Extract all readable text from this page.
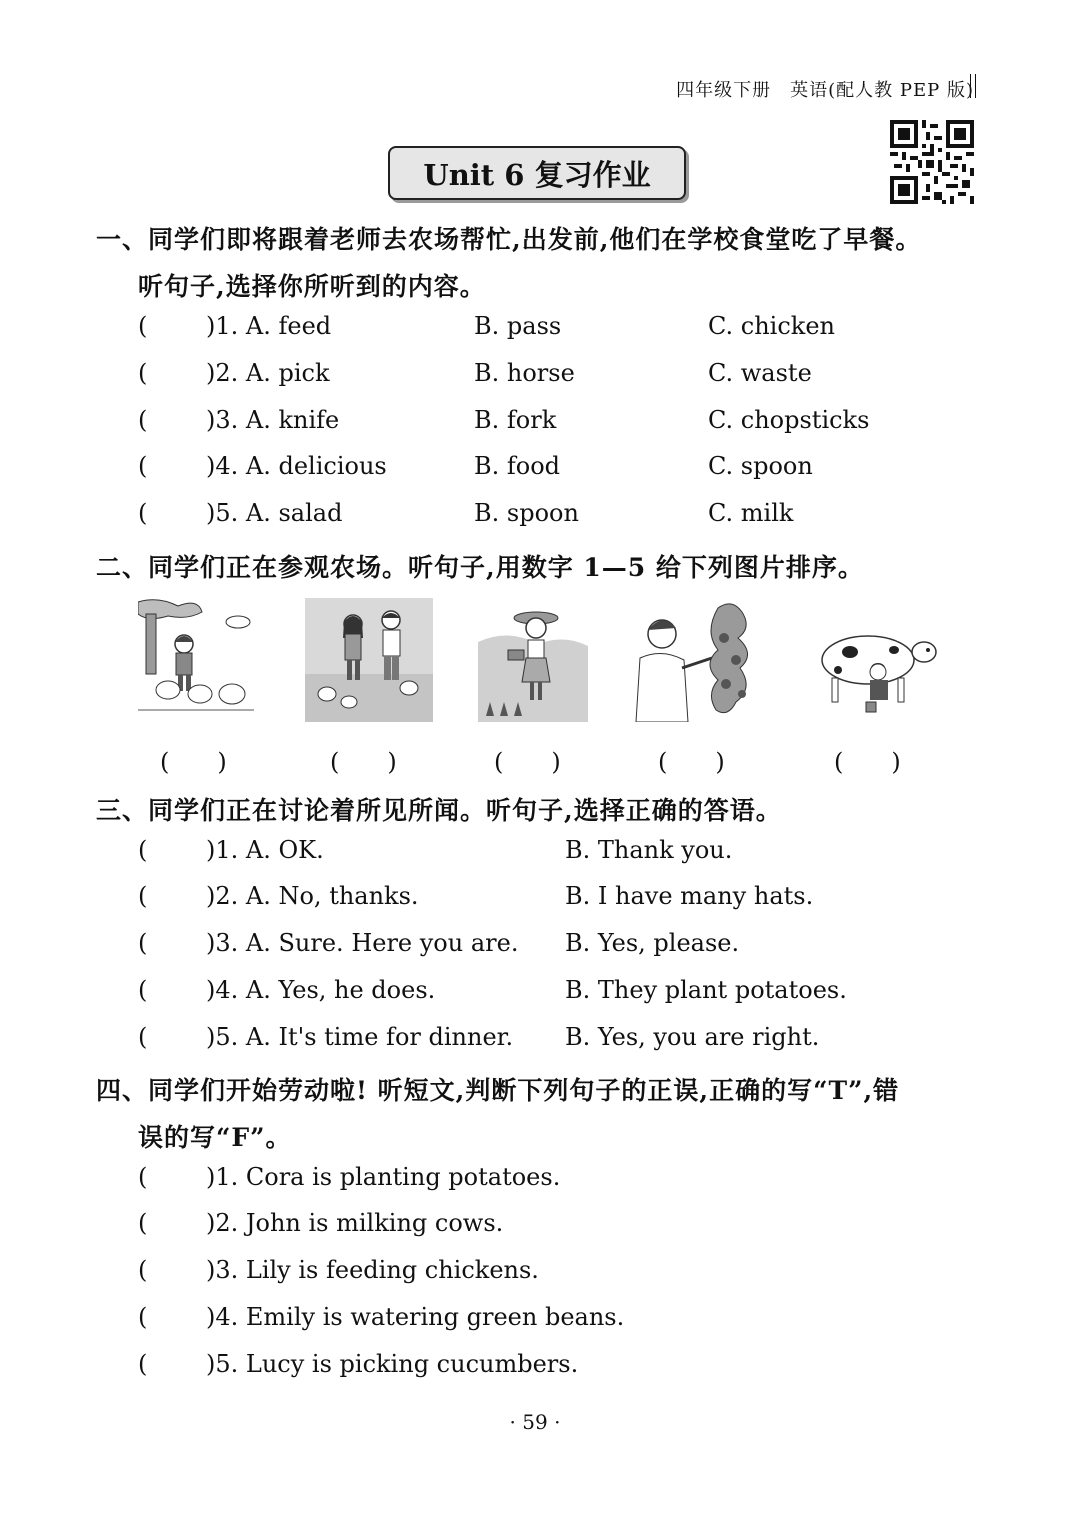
四年级下册　英语(配人教 PEP 版)
Unit 6 复习作业
一、同学们即将跟着老师去农场帮忙,出发前,他们在学校食堂吃了早餐。
听句子,选择你所听到的内容。
( )1. A. feed	B. pass	C. chicken
( )2. A. pick	B. horse	C. waste
( )3. A. knife	B. fork	C. chopsticks
( )4. A. delicious	B. food	C. spoon
( )5. A. salad	B. spoon	C. milk
二、同学们正在参观农场。听句子,用数字 1—5 给下列图片排序。
(　　)	(　　)	(　　)	(　　)	(　　)
三、同学们正在讨论着所见所闻。听句子,选择正确的答语。
( )1. A. OK.	B. Thank you.
( )2. A. No, thanks.	B. I have many hats.
( )3. A. Sure. Here you are. B. Yes, please.
( )4. A. Yes, he does.	B. They plant potatoes.
( )5. A. It's time for dinner. B. Yes, you are right.
四、同学们开始劳动啦! 听短文,判断下列句子的正误,正确的写“T”,错
误的写“F”。
( )1. Cora is planting potatoes.
( )2. John is milking cows.
( )3. Lily is feeding chickens.
( )4. Emily is watering green beans.
( )5. Lucy is picking cucumbers.
· 59 ·
